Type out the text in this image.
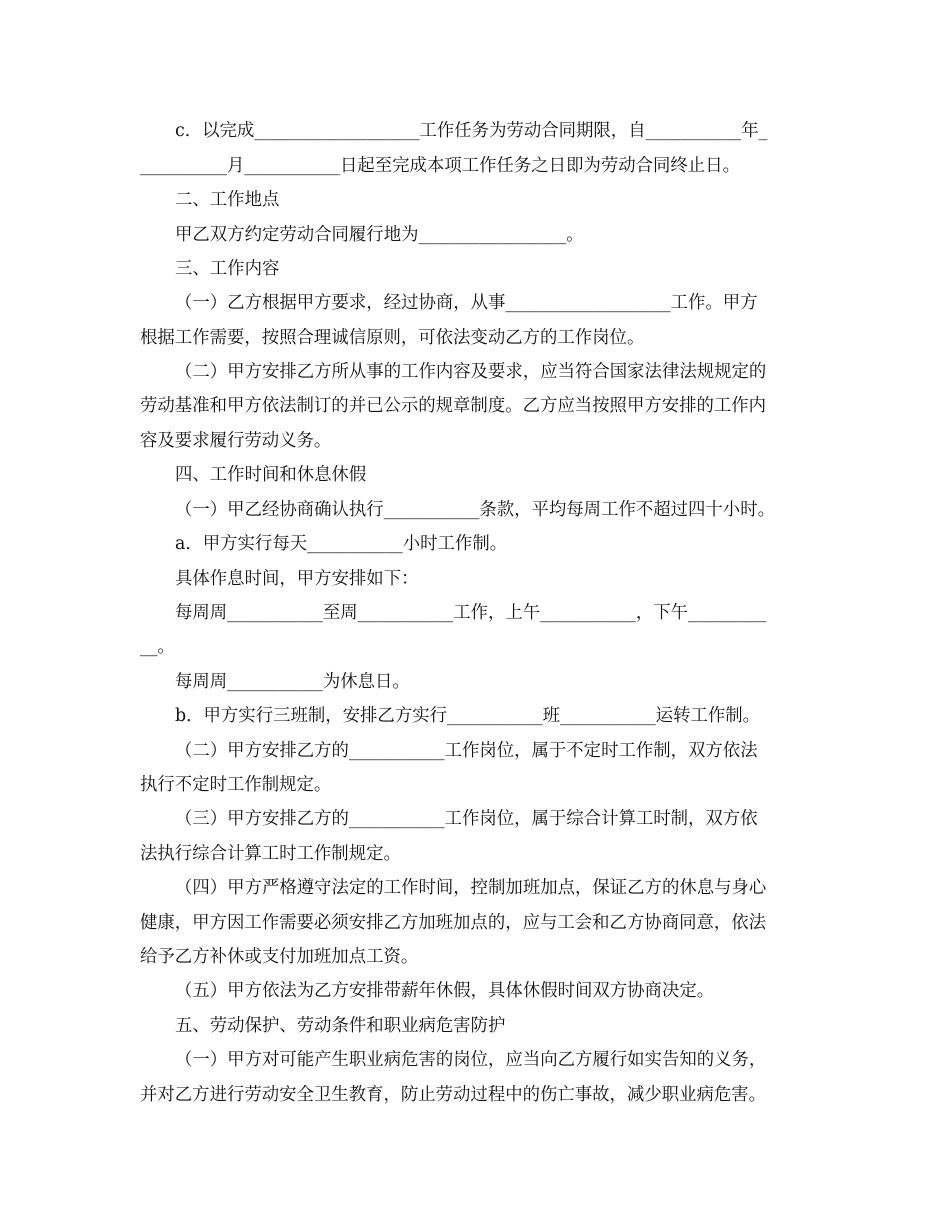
c．以完成___________________工作任务为劳动合同期限，自___________年_
__________月___________日起至完成本项工作任务之日即为劳动合同终止日。
二、工作地点
甲乙双方约定劳动合同履行地为_________________。
三、工作内容
（一）乙方根据甲方要求，经过协商，从事___________________工作。甲方
根据工作需要，按照合理诚信原则，可依法变动乙方的工作岗位。
（二）甲方安排乙方所从事的工作内容及要求，应当符合国家法律法规规定的
劳动基准和甲方依法制订的并已公示的规章制度。乙方应当按照甲方安排的工作内
容及要求履行劳动义务。
四、工作时间和休息休假
（一）甲乙经协商确认执行___________条款，平均每周工作不超过四十小时。
a．甲方实行每天___________小时工作制。
具体作息时间，甲方安排如下：
每周周___________至周___________工作，上午___________，下午_________
__。
每周周___________为休息日。
b．甲方实行三班制，安排乙方实行___________班___________运转工作制。
（二）甲方安排乙方的___________工作岗位，属于不定时工作制，双方依法
执行不定时工作制规定。
（三）甲方安排乙方的___________工作岗位，属于综合计算工时制，双方依
法执行综合计算工时工作制规定。
（四）甲方严格遵守法定的工作时间，控制加班加点，保证乙方的休息与身心
健康，甲方因工作需要必须安排乙方加班加点的，应与工会和乙方协商同意，依法
给予乙方补休或支付加班加点工资。
（五）甲方依法为乙方安排带薪年休假，具体休假时间双方协商决定。
五、劳动保护、劳动条件和职业病危害防护
（一）甲方对可能产生职业病危害的岗位，应当向乙方履行如实告知的义务，
并对乙方进行劳动安全卫生教育，防止劳动过程中的伤亡事故，减少职业病危害。
